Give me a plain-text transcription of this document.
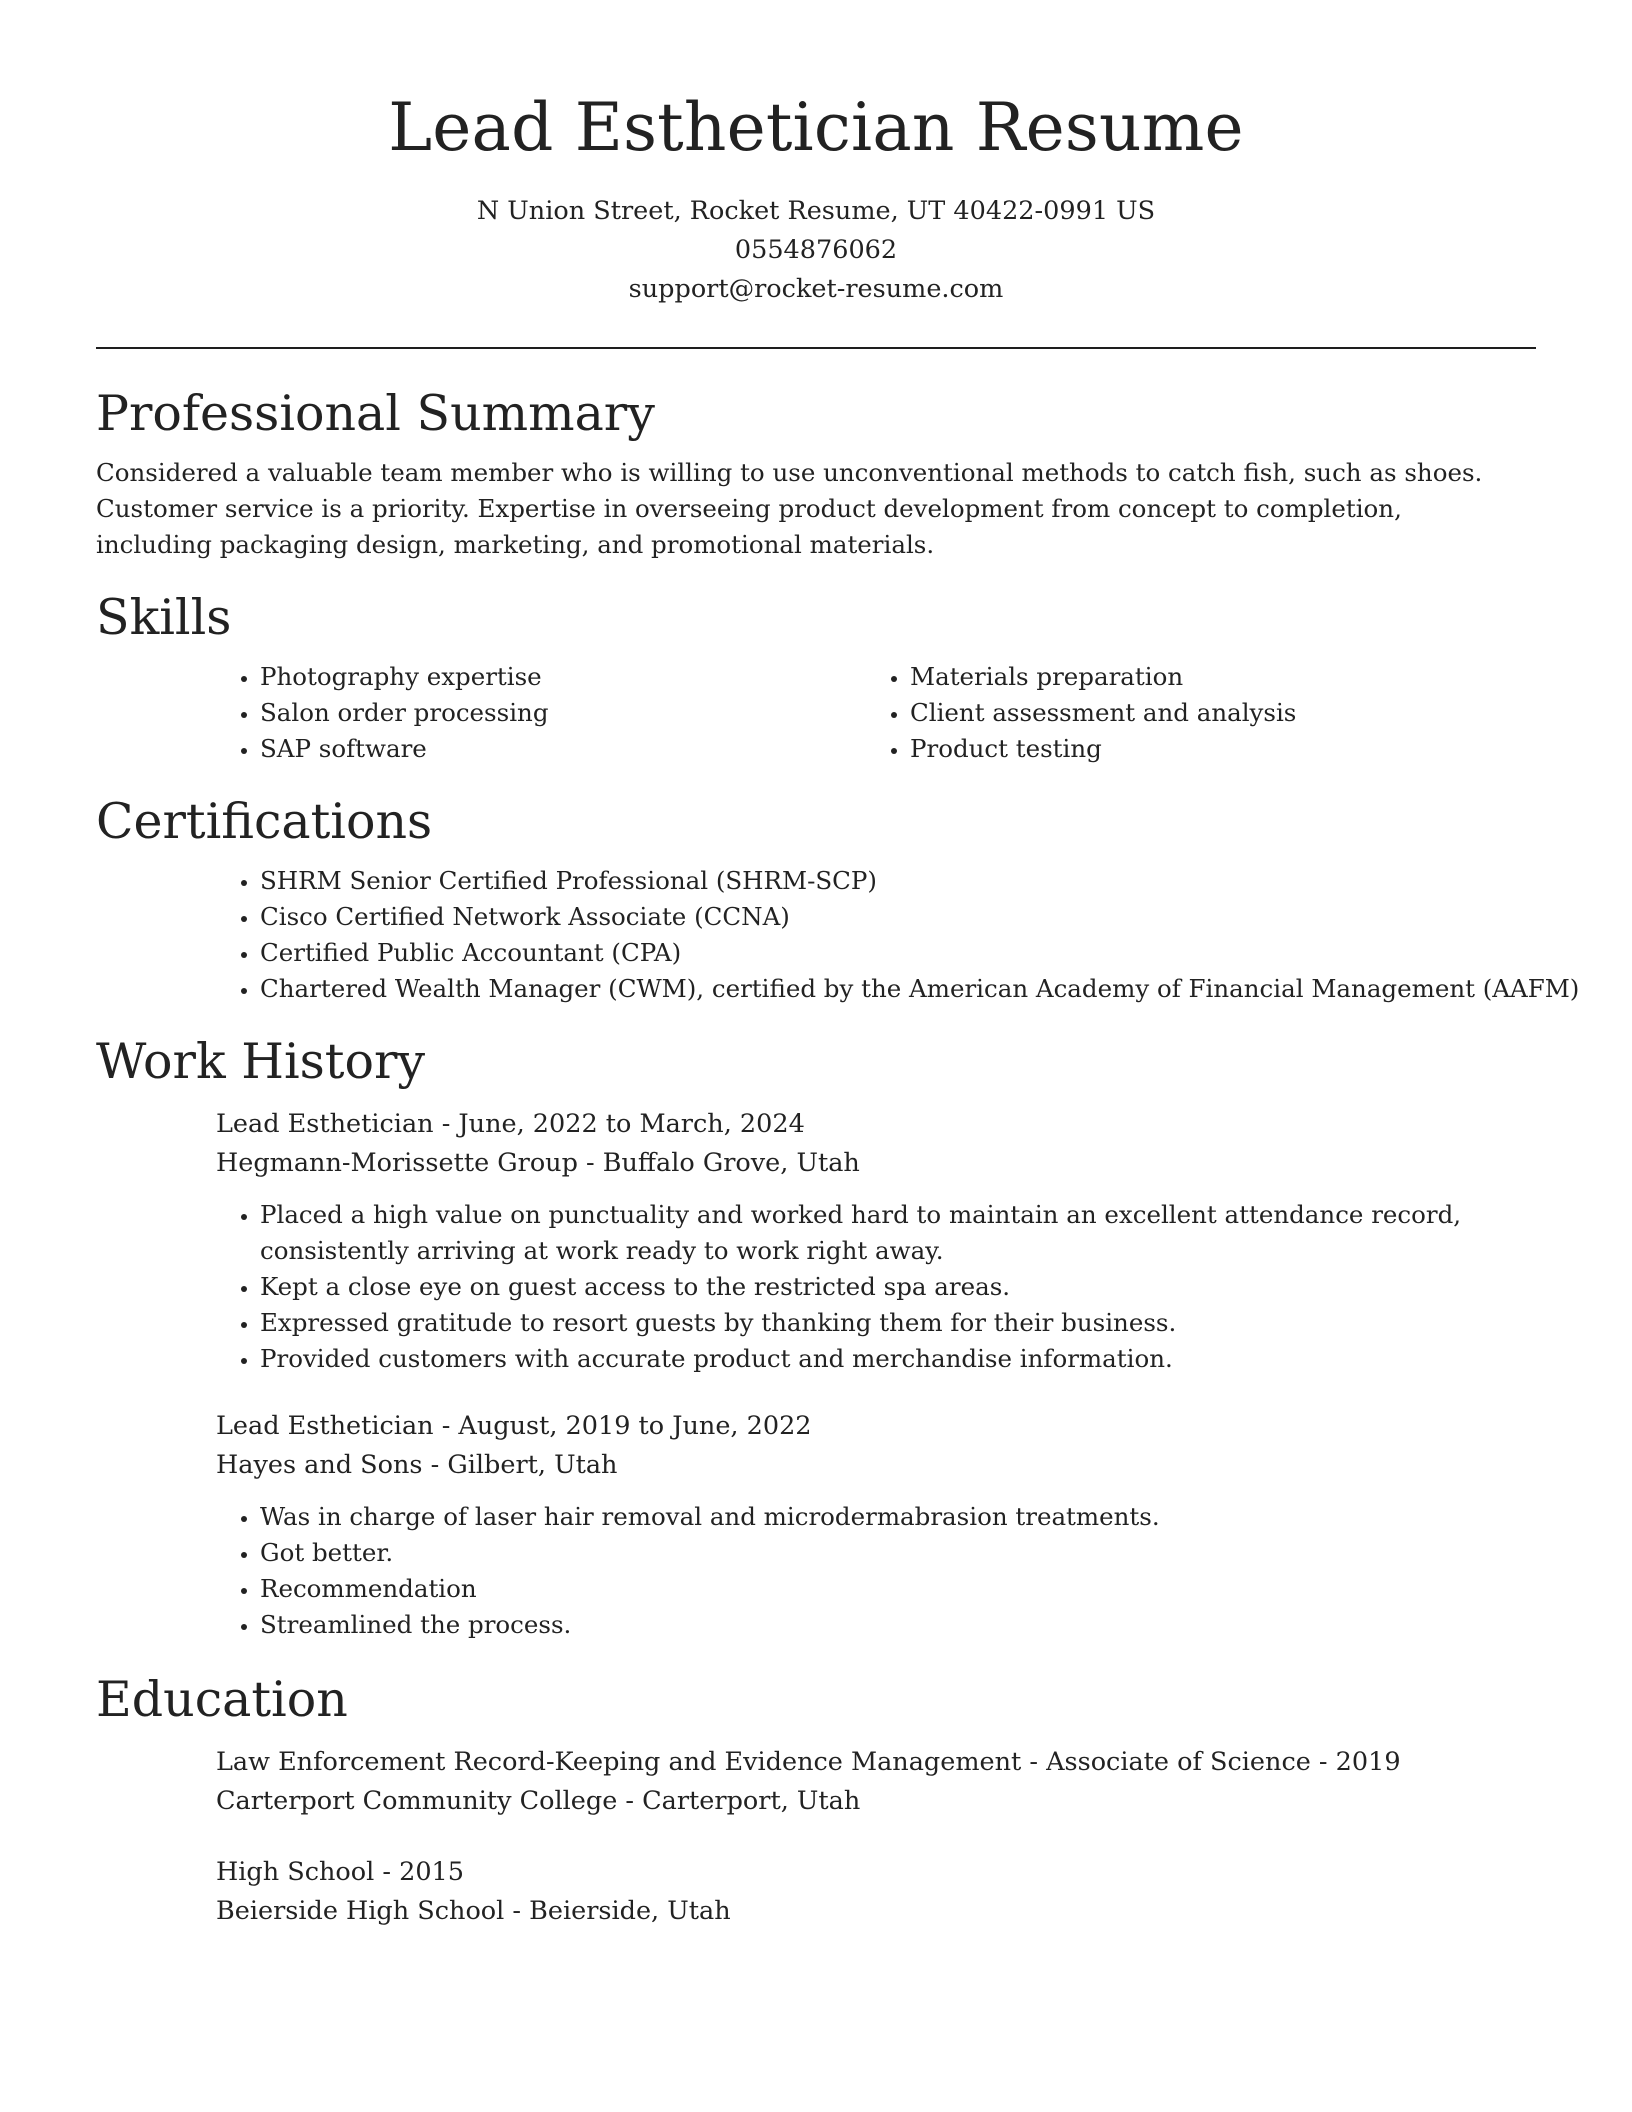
Lead Esthetician Resume
N Union Street, Rocket Resume, UT 40422-0991 US
0554876062
support@rocket-resume.com
Professional Summary
Considered a valuable team member who is willing to use unconventional methods to catch fish, such as shoes.
Customer service is a priority. Expertise in overseeing product development from concept to completion,
including packaging design, marketing, and promotional materials.
Skills
• Photography expertise
• Salon order processing
• SAP software
• Materials preparation
• Client assessment and analysis
• Product testing
Certifications
• SHRM Senior Certified Professional (SHRM-SCP)
• Cisco Certified Network Associate (CCNA)
• Certified Public Accountant (CPA)
• Chartered Wealth Manager (CWM), certified by the American Academy of Financial Management (AAFM)
Work History
Lead Esthetician - June, 2022 to March, 2024
Hegmann-Morissette Group - Buffalo Grove, Utah
• Placed a high value on punctuality and worked hard to maintain an excellent attendance record, consistently arriving at work ready to work right away.
• Kept a close eye on guest access to the restricted spa areas.
• Expressed gratitude to resort guests by thanking them for their business.
• Provided customers with accurate product and merchandise information.
Lead Esthetician - August, 2019 to June, 2022
Hayes and Sons - Gilbert, Utah
• Was in charge of laser hair removal and microdermabrasion treatments.
• Got better.
• Recommendation
• Streamlined the process.
Education
Law Enforcement Record-Keeping and Evidence Management - Associate of Science - 2019
Carterport Community College - Carterport, Utah
High School - 2015
Beierside High School - Beierside, Utah
